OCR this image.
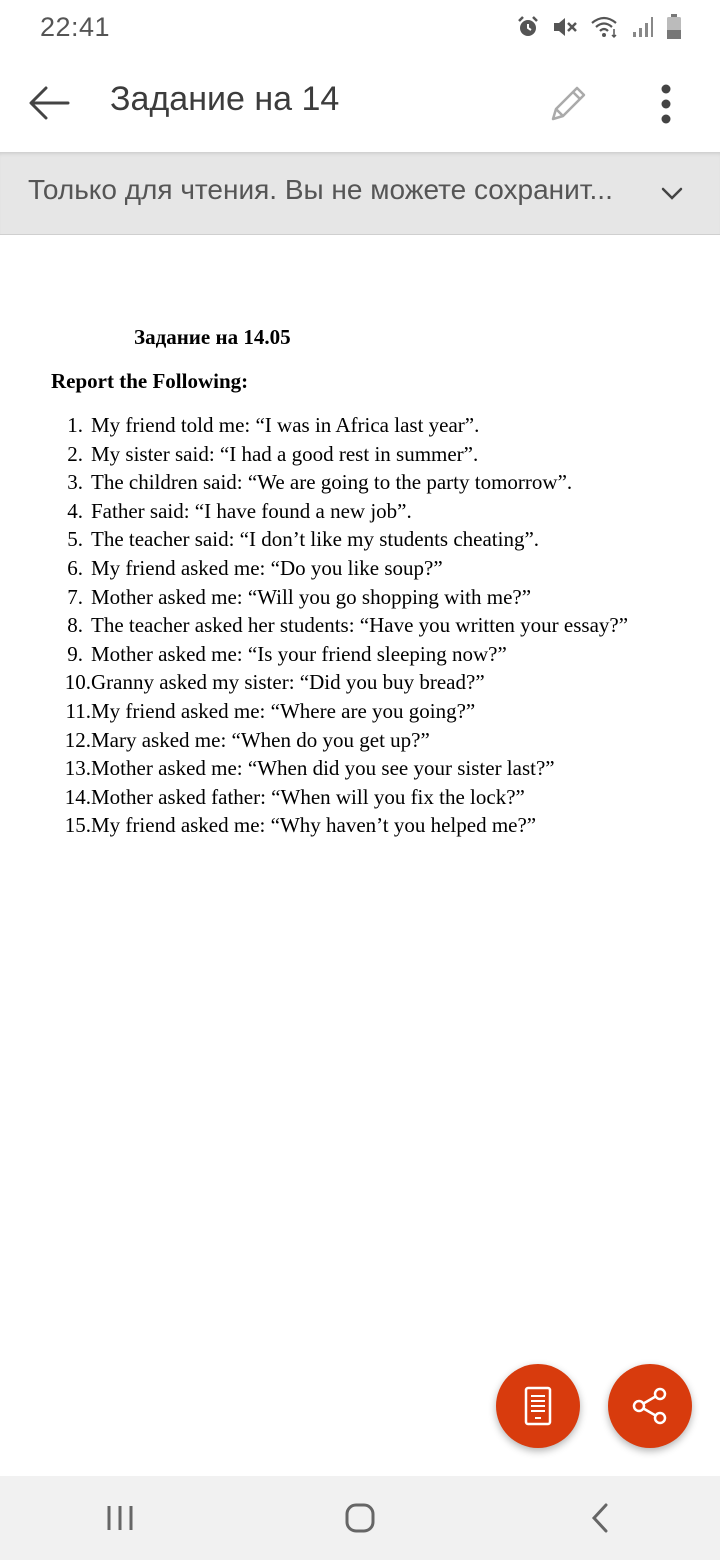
22:41
Задание на 14
Только для чтения. Вы не можете сохранит...
Задание на 14.05
Report the Following:
1. My friend told me: “I was in Africa last year”.
2. My sister said: “I had a good rest in summer”.
3. The children said: “We are going to the party tomorrow”.
4. Father said: “I have found a new job”.
5. The teacher said: “I don’t like my students cheating”.
6. My friend asked me: “Do you like soup?”
7. Mother asked me: “Will you go shopping with me?”
8. The teacher asked her students: “Have you written your essay?”
9. Mother asked me: “Is your friend sleeping now?”
10. Granny asked my sister: “Did you buy bread?”
11. My friend asked me: “Where are you going?”
12. Mary asked me: “When do you get up?”
13. Mother asked me: “When did you see your sister last?”
14. Mother asked father: “When will you fix the lock?”
15. My friend asked me: “Why haven’t you helped me?”
